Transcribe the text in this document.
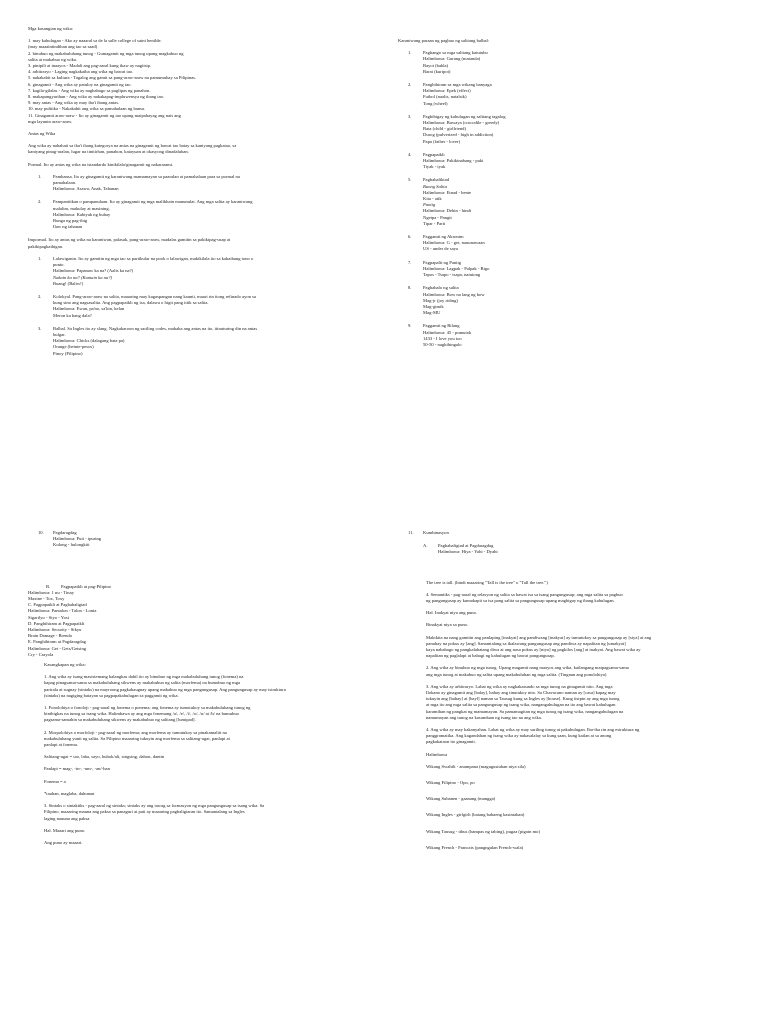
Mga kasangian ng wika:
1. may kahulugan - Ako ay naaaral sa de la salle college of saint benilde.
(may maaaintindihan ang tao sa saad)
2. binubuo ng makabuluhang tunog - Gumagamit ng mga tunog upang magkabuo ng
salita at makabuo ng wika.
3. pinipili at inaayos - Madali ang pag-aaral kung ikaw ay nagiisip.
4. arbitraryo - Laging nagkakaiba ang wika ng bawat tao.
5. nakakabit sa kultura - Tagalog ang gamit sa pang-araw-araw na pamumuhay sa Pilipinas.
6. ginagamit - Ang wika ay patuloy na ginagamit ng tao.
7. kagila-gilalas - Ang wika ay nagbabago sa paglipas ng panahon.
8. makapangyarihan - Ang wika ay nakakapag-impluwensya ng ibang tao.
9. may antas - Ang wika ay may iba't ibang antas.
10. may pulitika - Nakakabit ang wika sa pamahalaan ng bansa.
11. Ginagamit araw-araw - Ito ay ginagamit ng tao upang maipahayag ang nais ang
mga layunin araw-araw.
Antas ng Wika
Ang wika ay nahahati sa iba't ibang kategorya na antas na ginagamit ng bawat tao batay sa kaniyang pagkatao, sa
kaniyang pinag-aralan, lugar na tinitirhan, panahon, katayuan at okasyong dinadaluhan.
Pormal. Ito ay antas ng wika na istandardo kinikilala/ginagamit ng nakararami.
1.	Pambansa. Ito ay ginagamit ng karaniwang mamamayan sa paaralan at pamahalaan para sa pormal na
pamahalaan.
Halimbawa: Asawa, Anak, Tahanan
2.	Pampanitikan o pampanulaan. Ito ay ginagamit ng mga malikhain manunulat. Ang mga salita ay karaniwang
malalim, makulay at masining.
Halimbawa: Kabiyak ng buhay
Bunga ng pag-ibig
Ilaw ng tahanan
Impormal. Ito ay antas ng wika na karaniwan, palasak, pang-araw-araw, madalas gamitin sa pakikipag-usap at
pakikipagkaibigan.
1.	Lalawiganin. Ito ay gamitin ng mga tao sa partikular na pook o lalawigan, makikilala ito sa kakaibang tono o
punto.
Halimbawa: Papanaw ka na? (Aalis ka na?)
Nakain ka na? (Kumain ka na?)
Buang! (Baliw!)
2.	Kolokyal. Pang-araw-araw na salita, maaaring may kagaspangan nang kaunti, maari rin itong refinado ayon sa
kung sino ang nagsasalita. Ang pagpapaikli ng isa, dalawa o higit pang titik sa salita.
Halimbawa: Ewan, pa'no, sa'kin, kelan
Meron ka bang dala?
3.	Balbal. Sa Ingles ito ay slang. Nagkakaroon ng sariling codes, mababa ang antas na ito, itinuturing din na antas
bulgar.
Halimbawa: Chicks (dalagang bata pa)
Orange (beinte-pesos)
Pinoy (Pilipino)
Karaniwang paraan ng pagbuo ng salitang balbal:
1.	Paghango sa mga salitang katutubo
Halimbawa: Gurang (matanda)
Bayot (bakla)
Barat (kuripot)
2.	Panghihiram sa mga wikang banyaga
Halimbawa: Epek (effect)
Futbol (naalis, natalsik)
Tong (wheel)
3.	Pagbibigay ng kahulugan ng salitang tagalog
Halimbawa: Buwaya (crocodile - greedy)
Bata (child - girlfriend)
Durog (pulverized - high in addiction)
Papa (father - lover)
4.	Pagpapaikli
Halimbawa: Pakikinabang - paki
Tiyak - tyak
5.	Pagbabaliktad
Buong Salita
Halimbawa: Etnad - bente
Kita - atik
Pantig
Halimbawa: Dehin - hindi
Ngetpa - Pangit
Tipar - Parti
6.	Paggamit ng Akronim
Halimbawa: G - get, nauunawaan
US - under de saya
7.	Pagpapalit ng Pantig
Halimbawa: Lagpak - Palpak - Bigo
Tapos - Tsapo - tsapa, natutong
8.	Paghahalo ng salita
Halimbawa: Bow na lang ng bow
Mag-jr (joy riding)
Mag-gimik
Mag-MU
9.	Paggamit ng Bilang
Halimbawa: 45 - pumutok
1433 - I love you too
50-50 - naghihingalo
10. Pagdaragdag
Halimbawa: Puti - ipuring
Kulong - hulongkiti
B. Pagpapaikli at pag-Pilipino
Halimbawa: 1 nu - Tinay
Maxine - Tox, Toxy
C. Pagpapaikli at Pagbabaligtad
Halimbawa: Pantalon - Talon - Lonta
Sigarilyo - Siyo - Yosi
D. Panghihiram at Pagpapaikli
Halimbawa: Security - Sikyu
Brain Damage - Brenda
E. Panghihiram at Pagdaragdag
Halimbawa: Get - Gets/Getsing
Cry - Crayola
Kasangkapan ng wika:
1. Ang wika ay isang masistemang balangkas dahil ito ay binubuo ng mga makabuluhang tunog (fonema) na
kapag pinagsama-sama sa makabuluhang sikwens ay makabubuo ng salita (morfema) na bumubuo ng mga
parirala at sugnay (sintaks) na mayroong pagkakaugnay upang makabuo ng mga pangungusap. Ang pangungusap ay may istruktura
(sintaks) na nagiging batayan sa pagpapakahulugan sa paggamit ng wika.
1. Fonolohiya o fonoloji - pag-aaral ng fonema o ponema; ang fonema ay tumutukoy sa makabuluhang tunog ng
binibigkas na tunog sa isang wika. Halimbawa ay ang mga fonemang /a/, /e/, /i/, /o/, /u/ at /b/ na bumubuo
pagsama-samahin sa makabuluhang sikwens ay makabubuo ng salitang [lumipad].
2. Morpolohiya o morfoloji - pag-aaral ng morfema; ang morfema ay tumutukoy sa pinakamaliit na
makabuluhang yunit ng salita. Sa Pilipino maaaring tukuyin ang morfema sa salitang-ugat, panlapi at
panlapi at fonema.
Salitang-ugat = tao, laba, sayo, buhok/ali, singsing, dahon, dantin
Panlapi = mag-, -in-, -um-, -an/-han
Fonema = a
*tauhan, maglaba, dahunan
3. Sintaks o sintaktiks - pag-aaral ng sintaks; sintaks ay ang tawag sa formasyon ng mga pangungusap sa isang wika. Sa
Filipino, maaaring mauna ang paksa sa panaguri at pati ay maaaring pagbaligtaran ito. Samantalang sa Ingles
laging nauuna ang paksa.
Hal. Maaari ang puno.
Ang puno ay maaari.
11. Kumbinasyon
A. Pagbabaligtad at Pagdaragdag
Halimbawa: Hiya - Yahi - Dyahi
The tree is tall. (hindi maaaring "Tall is the tree" o "Tall the tree.")
4. Semantiks - pag-aaral ng relasyon ng salita sa bawat isa sa isang pangungusap; ang mga salita sa pagbuo
ng pangungusap ay kumakapit sa isa pang salita sa pangungusap upang magbigay ng ibang kahulugan.
Hal. Inakyat niya ang puno.
Binakyat niya sa puno.
Makikita na nang gamitin ang panlaping [inakyat] ang pandiwang [inakyat] ay tumutukoy sa pangungusap ay [siya] at ang
panuhay na pokus ay [ang]. Samantalang sa ikalawang pangungusap ang pandiwa ay napalitan ng [umakyat]
kaya nababago ng pangkalahatang diwa at ang nasa pokus ay [niya] ng pagkilos [ang] at inakyat. Ang bawat wika ay
napalitan ng paglalapi at bahagi ng kahulugan ng bawat pangungusap.
2. Ang wika ay binubuo ng mga tunog. Upang magamit nang maayos ang wika, kailangang maipagsama-sama
ang mga tunog at makabuo ng salita upang makabuluhan ng mga salita. (Tingnan ang ponolohiya)
3. Ang wika ay arbitraryo. Lahat ng wika ay nagkakasundo sa mga tunog na ginagamit nito. Ang mga
Ilokano ay ginagamit ang [balay], bahay ang tinutukoy nito. Sa Chavacano naman ay [casa] kapag may
tukuyin ang [bahay] at [bayl] naman sa Tausug kung sa Ingles ay [house]. Kung iisipin ay ang mga tunog
at mga ito ang mga salita sa pangungusap ng isang wika, nangangahulugan na ito ang bawat kahulugan
karamihan ng pangkat ng mamamayan. Sa pamamagitan ng mga tunog ng isang wika, nangangahulugan na
namumayan ang tunog na kasunduan ng isang tao na ang wika.
4. Ang wika ay may kakanyahan. Lahat ng wika ay may sariling tunog at pakahulugan. Iba-iba rin ang estruktura ng
panggramatika. Ang kagandahan ng isang wika ay nakasalalay sa kung saan, kung kailan at sa anong
pagkakataon ito ginagamit.
Halimbawa
Wikang Swahili - anampana (magugustuhan niya sila)
Wikang Filipino - Opo, po
Wikang Subanen - gaanang (mangga)
Wikang Ingles - girlgirlt (batang babaeng kasintahan)
Wikang Tausug - tibus (hampas ng tabing), pugaa (pigain mo)
Wikang French - Francais (pangngalan French-wala)
